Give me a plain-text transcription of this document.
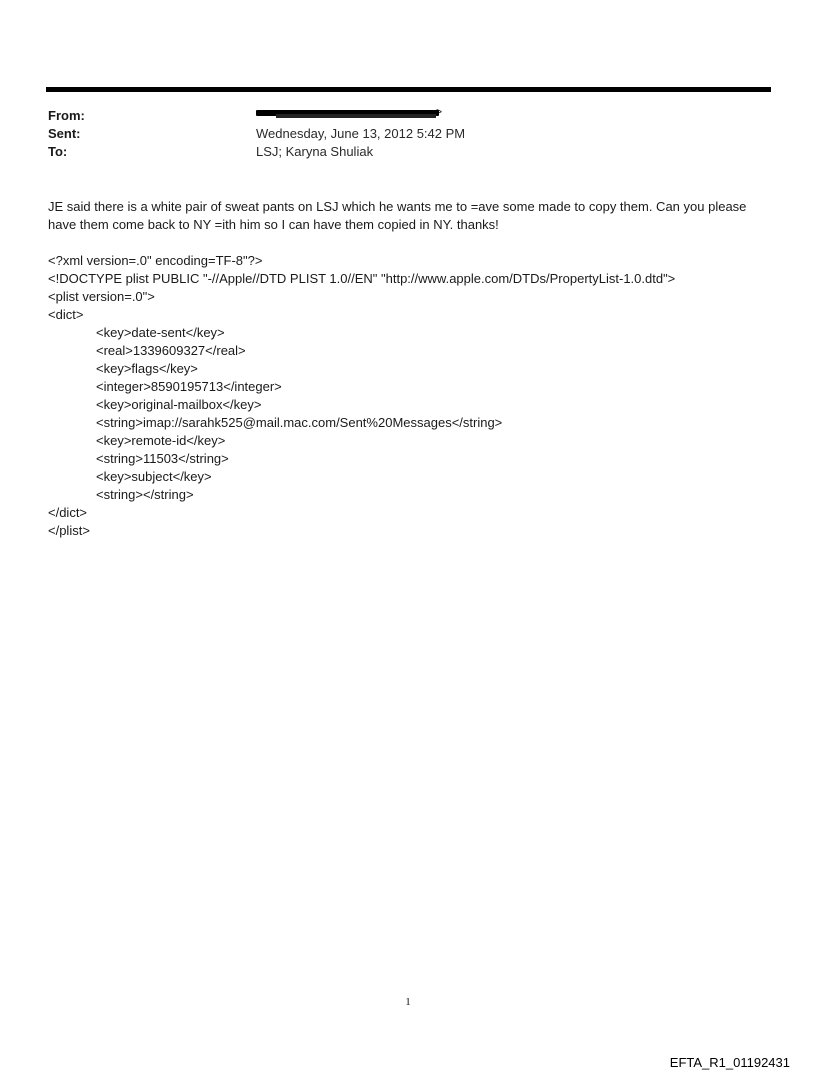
From:	>
Sent:	Wednesday, June 13, 2012 5:42 PM
To:	LSJ; Karyna Shuliak
JE said there is a white pair of sweat pants on LSJ which he wants me to =ave some made to copy them. Can you please have them come back to NY =ith him so I can have them copied in NY. thanks!
<?xml version=.0" encoding=TF-8"?>
<!DOCTYPE plist PUBLIC "-//Apple//DTD PLIST 1.0//EN" "http://www.apple.com/DTDs/PropertyList-1.0.dtd">
<plist version=.0">
<dict>
<key>date-sent</key>
<real>1339609327</real>
<key>flags</key>
<integer>8590195713</integer>
<key>original-mailbox</key>
<string>imap://sarahk525@mail.mac.com/Sent%20Messages</string>
<key>remote-id</key>
<string>11503</string>
<key>subject</key>
<string></string>
</dict>
</plist>
1
EFTA_R1_01192431
